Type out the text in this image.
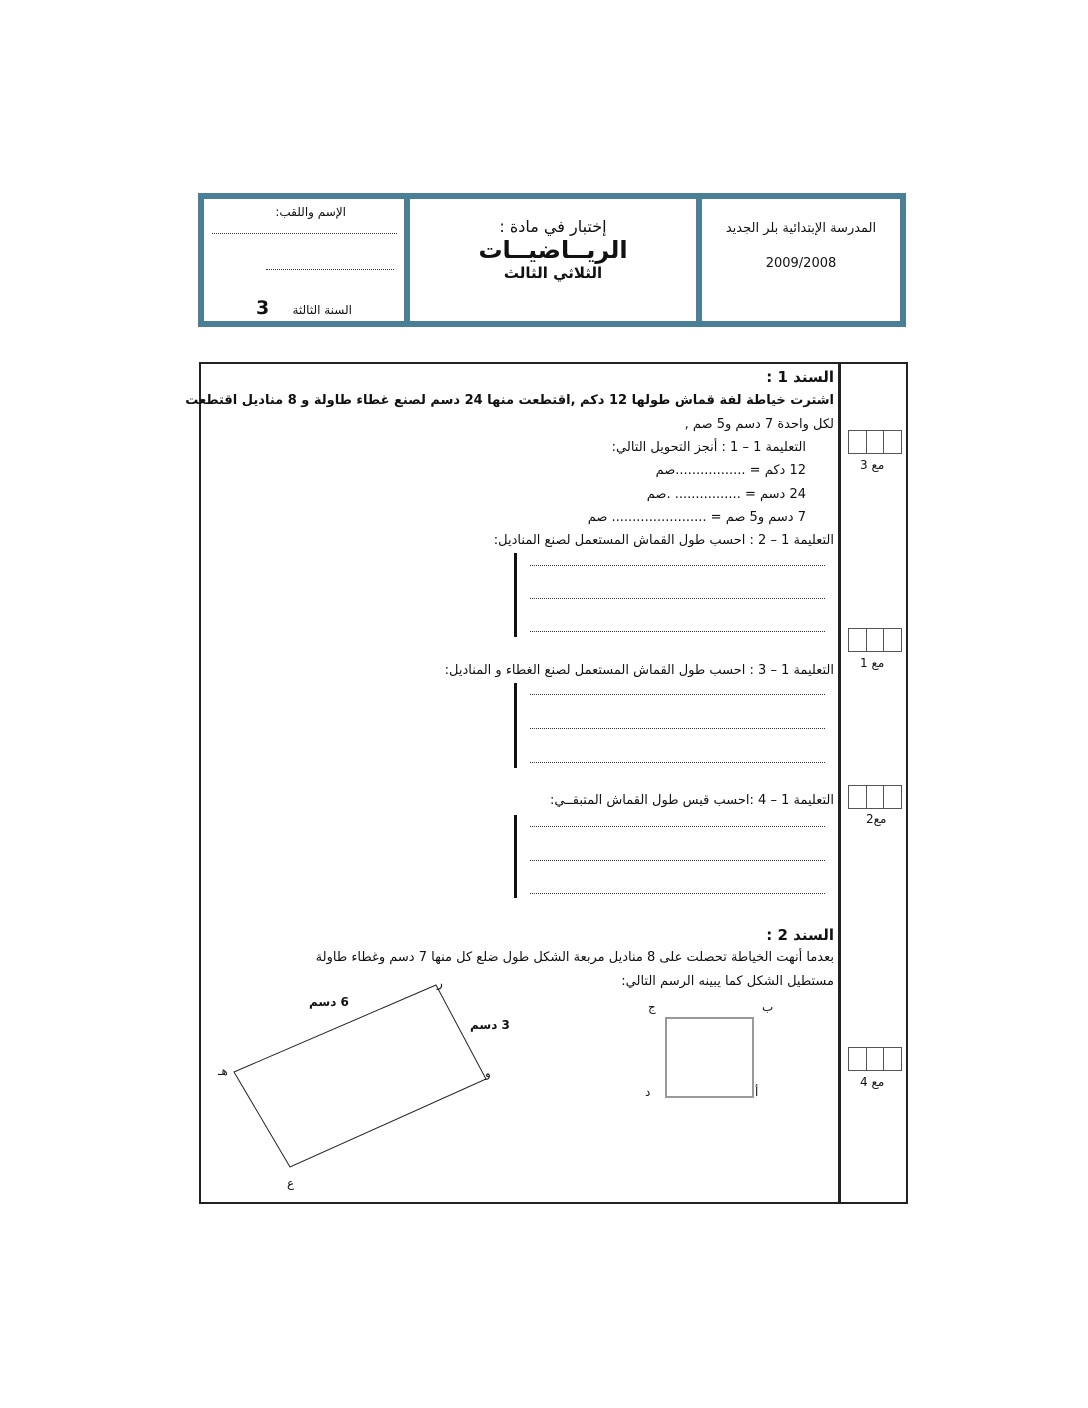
الإسم واللقب:
السنة الثالثة
3
إختبار في مادة :
الريــاضيــات
الثلاثي الثالث
المدرسة الإبتدائية بلر الجديد
2009/2008
السند 1 :
اشترت خياطة لفة قماش طولها 12 دكم ,اقتطعت منها 24 دسم لصنع غطاء طاولة و 8 مناديل اقتطعت
لكل واحدة 7 دسم و5 صم ,
التعليمة 1 – 1 : أنجز التحويل التالي:
12 دكم = .................صم
24 دسم = ................ .صم
7 دسم و5 صم = ....................... صم
التعليمة 1 – 2 : احسب طول القماش المستعمل لصنع المناديل:
التعليمة 1 – 3 : احسب طول القماش المستعمل لصنع الغطاء و المناديل:
التعليمة 1 – 4 :احسب قيس طول القماش المتبقــي:
السند 2 :
بعدما أنهت الخياطة تحصلت على 8 مناديل مربعة الشكل طول ضلع كل منها 7 دسم وغطاء طاولة
مستطيل الشكل كما يبينه الرسم التالي:
6 دسم
3 دسم
ر
هـ	و
ع
ج	ب
د	أ
مع 3
مع 1
مع2
مع 4
